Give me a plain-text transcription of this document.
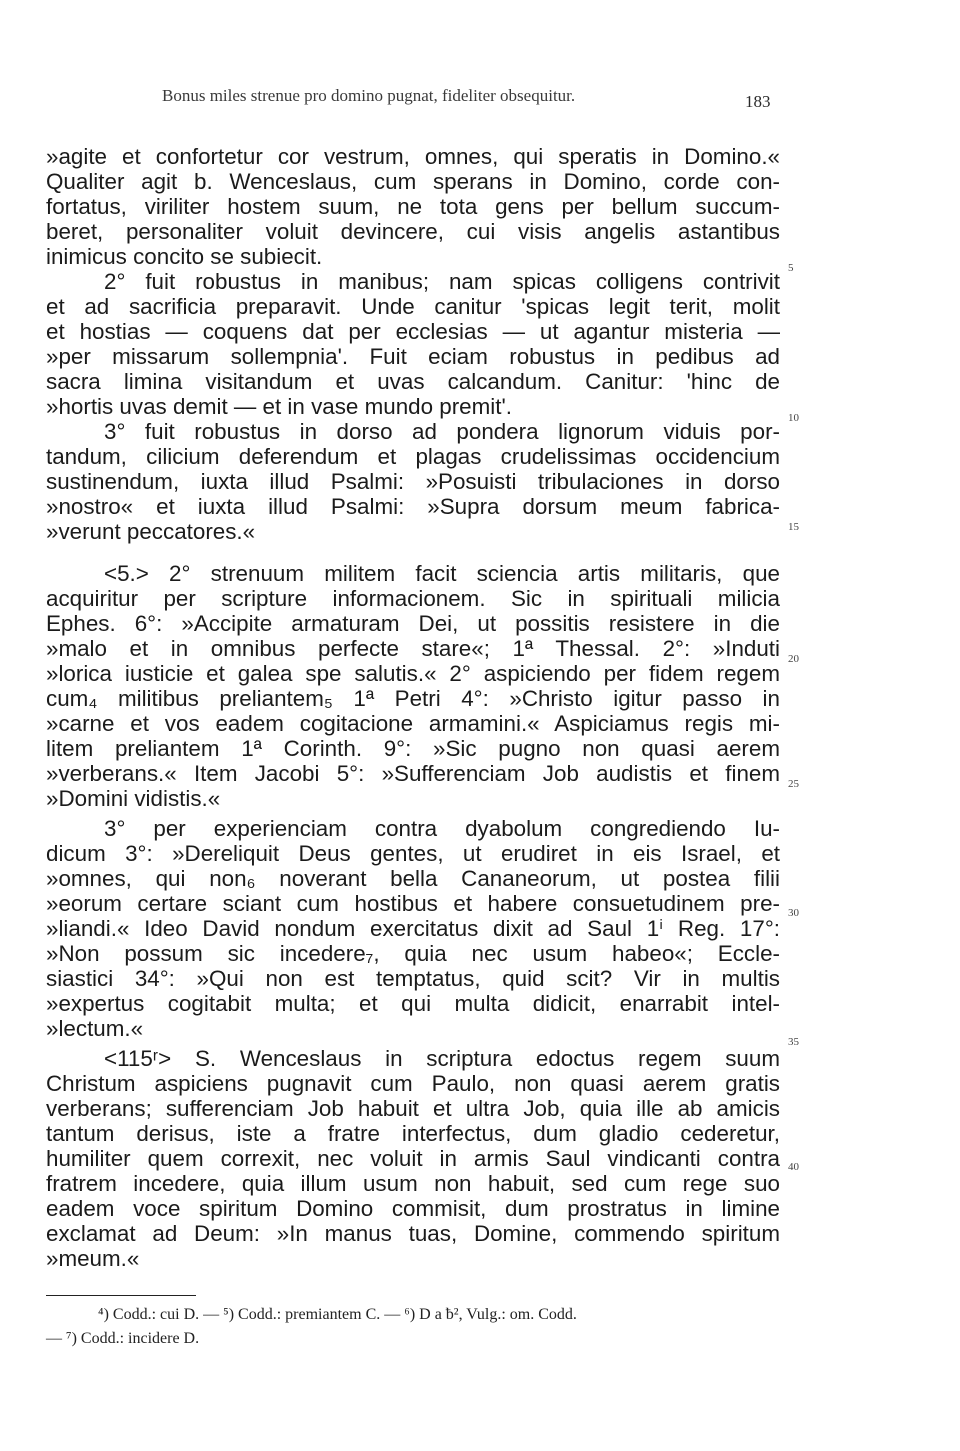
Bonus miles strenue pro domino pugnat, fideliter obsequitur.	183
»agite et confortetur cor vestrum, omnes, qui speratis in Domino.«
Qualiter agit b. Wenceslaus, cum sperans in Domino, corde con-
fortatus, viriliter hostem suum, ne tota gens per bellum succum-
beret, personaliter voluit devincere, cui visis angelis astantibus
inimicus concito se subiecit.
2° fuit robustus in manibus; nam spicas colligens contrivit
et ad sacrificia preparavit. Unde canitur 'spicas legit terit, molit
et hostias — coquens dat per ecclesias — ut agantur misteria —
»per missarum sollempnia'. Fuit eciam robustus in pedibus ad
sacra limina visitandum et uvas calcandum. Canitur: 'hinc de
»hortis uvas demit — et in vase mundo premit'.
3° fuit robustus in dorso ad pondera lignorum viduis por-
tandum, cilicium deferendum et plagas crudelissimas occidencium
sustinendum, iuxta illud Psalmi: »Posuisti tribulaciones in dorso
»nostro« et iuxta illud Psalmi: »Supra dorsum meum fabrica-
»verunt peccatores.«
<5.> 2° strenuum militem facit sciencia artis militaris, que
acquiritur per scripture informacionem. Sic in spirituali milicia
Ephes. 6°: »Accipite armaturam Dei, ut possitis resistere in die
»malo et in omnibus perfecte stare«; 1ª Thessal. 2°: »Induti
»lorica iusticie et galea spe salutis.« 2° aspiciendo per fidem regem
cum₄ militibus preliantem₅ 1ª Petri 4°: »Christo igitur passo in
»carne et vos eadem cogitacione armamini.« Aspiciamus regis mi-
litem preliantem 1ª Corinth. 9°: »Sic pugno non quasi aerem
»verberans.« Item Jacobi 5°: »Sufferenciam Job audistis et finem
»Domini vidistis.«
3° per experienciam contra dyabolum congrediendo Iu-
dicum 3°: »Dereliquit Deus gentes, ut erudiret in eis Israel, et
»omnes, qui non₆ noverant bella Cananeorum, ut postea filii
»eorum certare sciant cum hostibus et habere consuetudinem pre-
»liandi.« Ideo David nondum exercitatus dixit ad Saul 1ⁱ Reg. 17°:
»Non possum sic incedere₇, quia nec usum habeo«; Eccle-
siastici 34°: »Qui non est temptatus, quid scit? Vir in multis
»expertus cogitabit multa; et qui multa didicit, enarrabit intel-
»lectum.«
<115ʳ> S. Wenceslaus in scriptura edoctus regem suum
Christum aspiciens pugnavit cum Paulo, non quasi aerem gratis
verberans; sufferenciam Job habuit et ultra Job, quia ille ab amicis
tantum derisus, iste a fratre interfectus, dum gladio cederetur,
humiliter quem correxit, nec voluit in armis Saul vindicanti contra
fratrem incedere, quia illum usum non habuit, sed cum rege suo
eadem voce spiritum Domino commisit, dum prostratus in limine
exclamat ad Deum: »In manus tuas, Domine, commendo spiritum
»meum.«
5
10
15
20
25
30
35
40
⁴) Codd.: cui D. — ⁵) Codd.: premiantem C. — ⁶) D a ƀ², Vulg.: om. Codd.
— ⁷) Codd.: incidere D.
